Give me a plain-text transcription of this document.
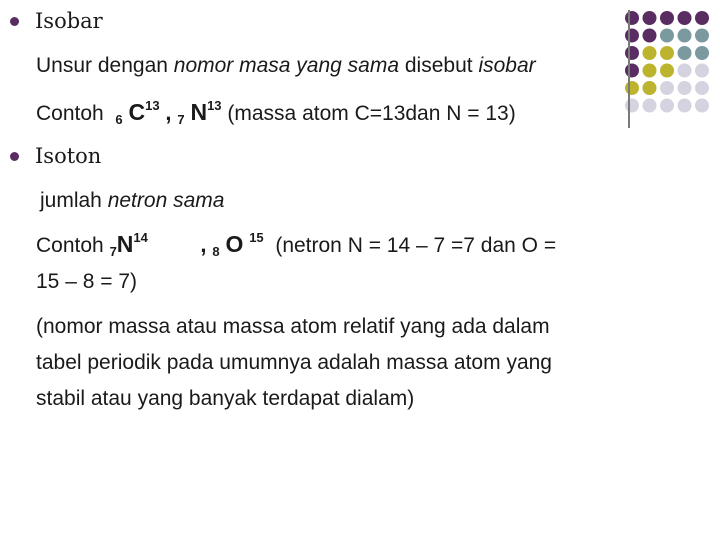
Isobar
Unsur dengan nomor masa yang sama disebut isobar
Contoh $_6$ $C^{13}$ , $_7$ $N^{13}$ (massa atom C=13dan N = 13)
Isoton
jumlah netron sama
Contoh $_7N^{14}$ , $_8$ O $^{15}$ (netron N = 14 – 7 =7 dan O =
15 – 8 = 7)
(nomor massa atau massa atom relatif yang ada dalam
tabel periodik pada umumnya adalah massa atom yang
stabil atau yang banyak terdapat dialam)
